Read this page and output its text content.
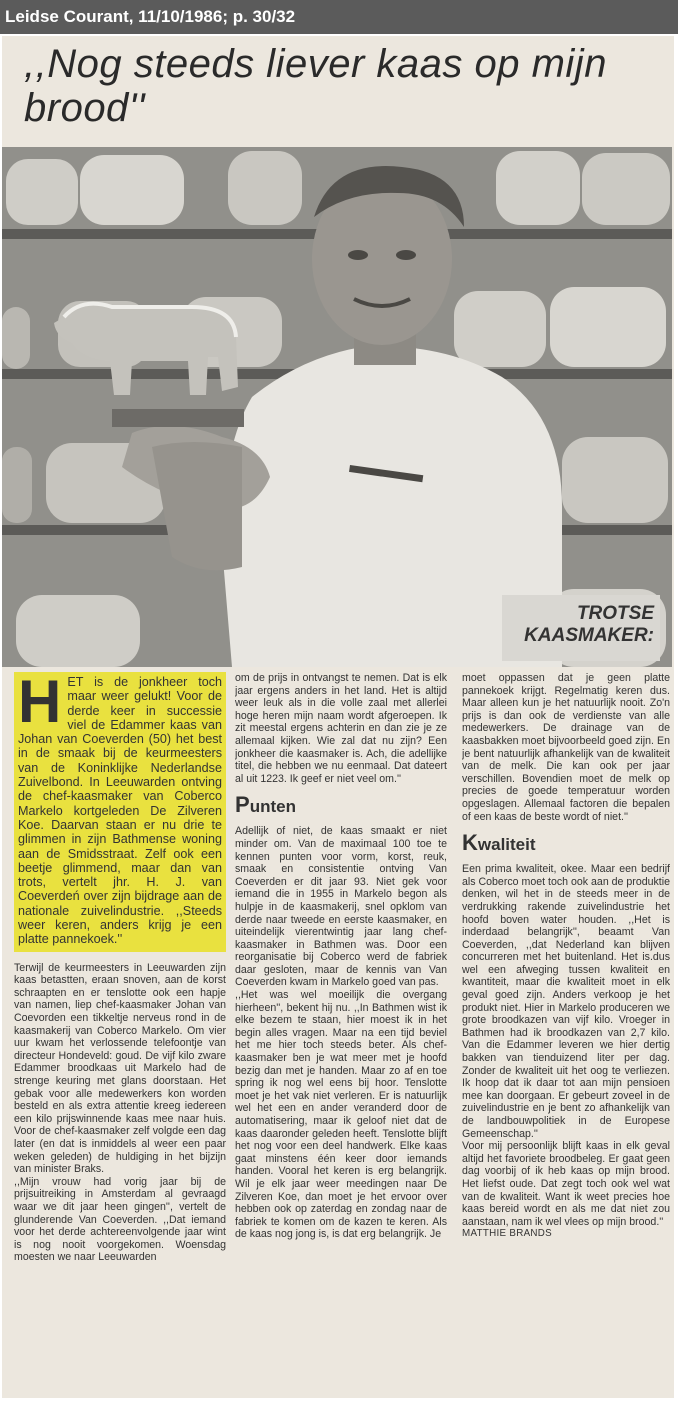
Leidse Courant, 11/10/1986; p. 30/32
,,Nog steeds liever kaas op mijn brood''
TROTSE KAASMAKER:
HET is de jonkheer toch maar weer gelukt! Voor de derde keer in successie viel de Edammer kaas van Johan van Coeverden (50) het best in de smaak bij de keurmeesters van de Koninklijke Nederlandse Zuivelbond. In Leeuwarden ontving de chef-kaasmaker van Coberco Markelo kortgeleden De Zilveren Koe. Daarvan staan er nu drie te glimmen in zijn Bathmense woning aan de Smidsstraat. Zelf ook een beetje glimmend, maar dan van trots, vertelt jhr. H. J. van Coeverdeń over zijn bijdrage aan de nationale zuivelindustrie. ,,Steeds weer keren, anders krijg je een platte pannekoek.''

Terwijl de keurmeesters in Leeuwarden zijn kaas betastten, eraan snoven, aan de korst schraapten en er tenslotte ook een hapje van namen, liep chef-kaasmaker Johan van Coevorden een tikkeltje nerveus rond in de kaasmakerij van Coberco Markelo. Om vier uur kwam het verlossende telefoontje van directeur Hondeveld: goud. De vijf kilo zware Edammer broodkaas uit Markelo had de strenge keuring met glans doorstaan. Het gebak voor alle medewerkers kon worden besteld en als extra attentie kreeg iedereen een kilo prijswinnende kaas mee naar huis. Voor de chef-kaasmaker zelf volgde een dag later (en dat is inmiddels al weer een paar weken geleden) de huldiging in het bijzijn van minister Braks.

,,Mijn vrouw had vorig jaar bij de prijsuitreiking in Amsterdam al gevraagd waar we dit jaar heen gingen'', vertelt de glunderende Van Coeverden. ,,Dat iemand voor het derde achtereenvolgende jaar wint is nog nooit voorgekomen. Woensdag moesten we naar Leeuwarden

om de prijs in ontvangst te nemen. Dat is elk jaar ergens anders in het land. Het is altijd weer leuk als in die volle zaal met allerlei hoge heren mijn naam wordt afgeroepen. Ik zit meestal ergens achterin en dan zie je ze allemaal kijken. Wie zal dat nu zijn? Een jonkheer die kaasmaker is. Ach, die adellijke titel, die hebben we nu eenmaal. Dat dateert al uit 1223. Ik geef er niet veel om.''

Punten

Adellijk of niet, de kaas smaakt er niet minder om. Van de maximaal 100 toe te kennen punten voor vorm, korst, reuk, smaak en consistentie ontving Van Coeverden er dit jaar 93. Niet gek voor iemand die in 1955 in Markelo begon als hulpje in de kaasmakerij, snel opklom van derde naar tweede en eerste kaasmaker, en uiteindelijk vierentwintig jaar lang chef-kaasmaker in Bathmen was. Door een reorganisatie bij Coberco werd de fabriek daar gesloten, maar de kennis van Van Coeverden kwam in Markelo goed van pas.

,,Het was wel moeilijk die overgang hierheen'', bekent hij nu. ,,In Bathmen wist ik elke bezem te staan, hier moest ik in het begin alles vragen. Maar na een tijd beviel het me hier toch steeds beter. Als chef-kaasmaker ben je wat meer met je hoofd bezig dan met je handen. Maar zo af en toe spring ik nog wel eens bij hoor. Tenslotte moet je het vak niet verleren. Er is natuurlijk wel het een en ander veranderd door de automatisering, maar ik geloof niet dat de kaas daaronder geleden heeft. Tenslotte blijft het nog voor een deel handwerk. Elke kaas gaat minstens één keer door iemands handen. Vooral het keren is erg belangrijk. Wil je elk jaar weer meedingen naar De Zilveren Koe, dan moet je het ervoor over hebben ook op zaterdag en zondag naar de fabriek te komen om de kazen te keren. Als de kaas nog jong is, is dat erg belangrijk. Je

moet oppassen dat je geen platte pannekoek krijgt. Regelmatig keren dus. Maar alleen kun je het natuurlijk nooit. Zo'n prijs is dan ook de verdienste van alle medewerkers. De drainage van de kaasbakken moet bijvoorbeeld goed zijn. En je bent natuurlijk afhankelijk van de kwaliteit van de melk. Die kan ook per jaar verschillen. Bovendien moet de melk op precies de goede temperatuur worden opgeslagen. Allemaal factoren die bepalen of een kaas de beste wordt of niet.''

Kwaliteit

Een prima kwaliteit, okee. Maar een bedrijf als Coberco moet toch ook aan de produktie denken, wil het in de steeds meer in de verdrukking rakende zuivelindustrie het hoofd boven water houden. ,,Het is inderdaad belangrijk'', beaamt Van Coeverden, ,,dat Nederland kan blijven concurreren met het buitenland. Het is.dus wel een afweging tussen kwaliteit en kwantiteit, maar die kwaliteit moet in elk geval goed zijn. Anders verkoop je het produkt niet. Hier in Markelo produceren we grote broodkazen van vijf kilo. Vroeger in Bathmen had ik broodkazen van 2,7 kilo. Van die Edammer leveren we hier dertig bakken van tienduizend liter per dag. Zonder de kwaliteit uit het oog te verliezen. Ik hoop dat ik daar tot aan mijn pensioen mee kan doorgaan. Er gebeurt zoveel in de zuivelindustrie en je bent zo afhankelijk van de landbouwpolitiek in de Europese Gemeenschap.''

Voor mij persoonlijk blijft kaas in elk geval altijd het favoriete broodbeleg. Er gaat geen dag voorbij of ik heb kaas op mijn brood. Het liefst oude. Dat zegt toch ook wel wat van de kwaliteit. Want ik weet precies hoe kaas bereid wordt en als me dat niet zou aanstaan, nam ik wel vlees op mijn brood.''

MATTHIE BRANDS
